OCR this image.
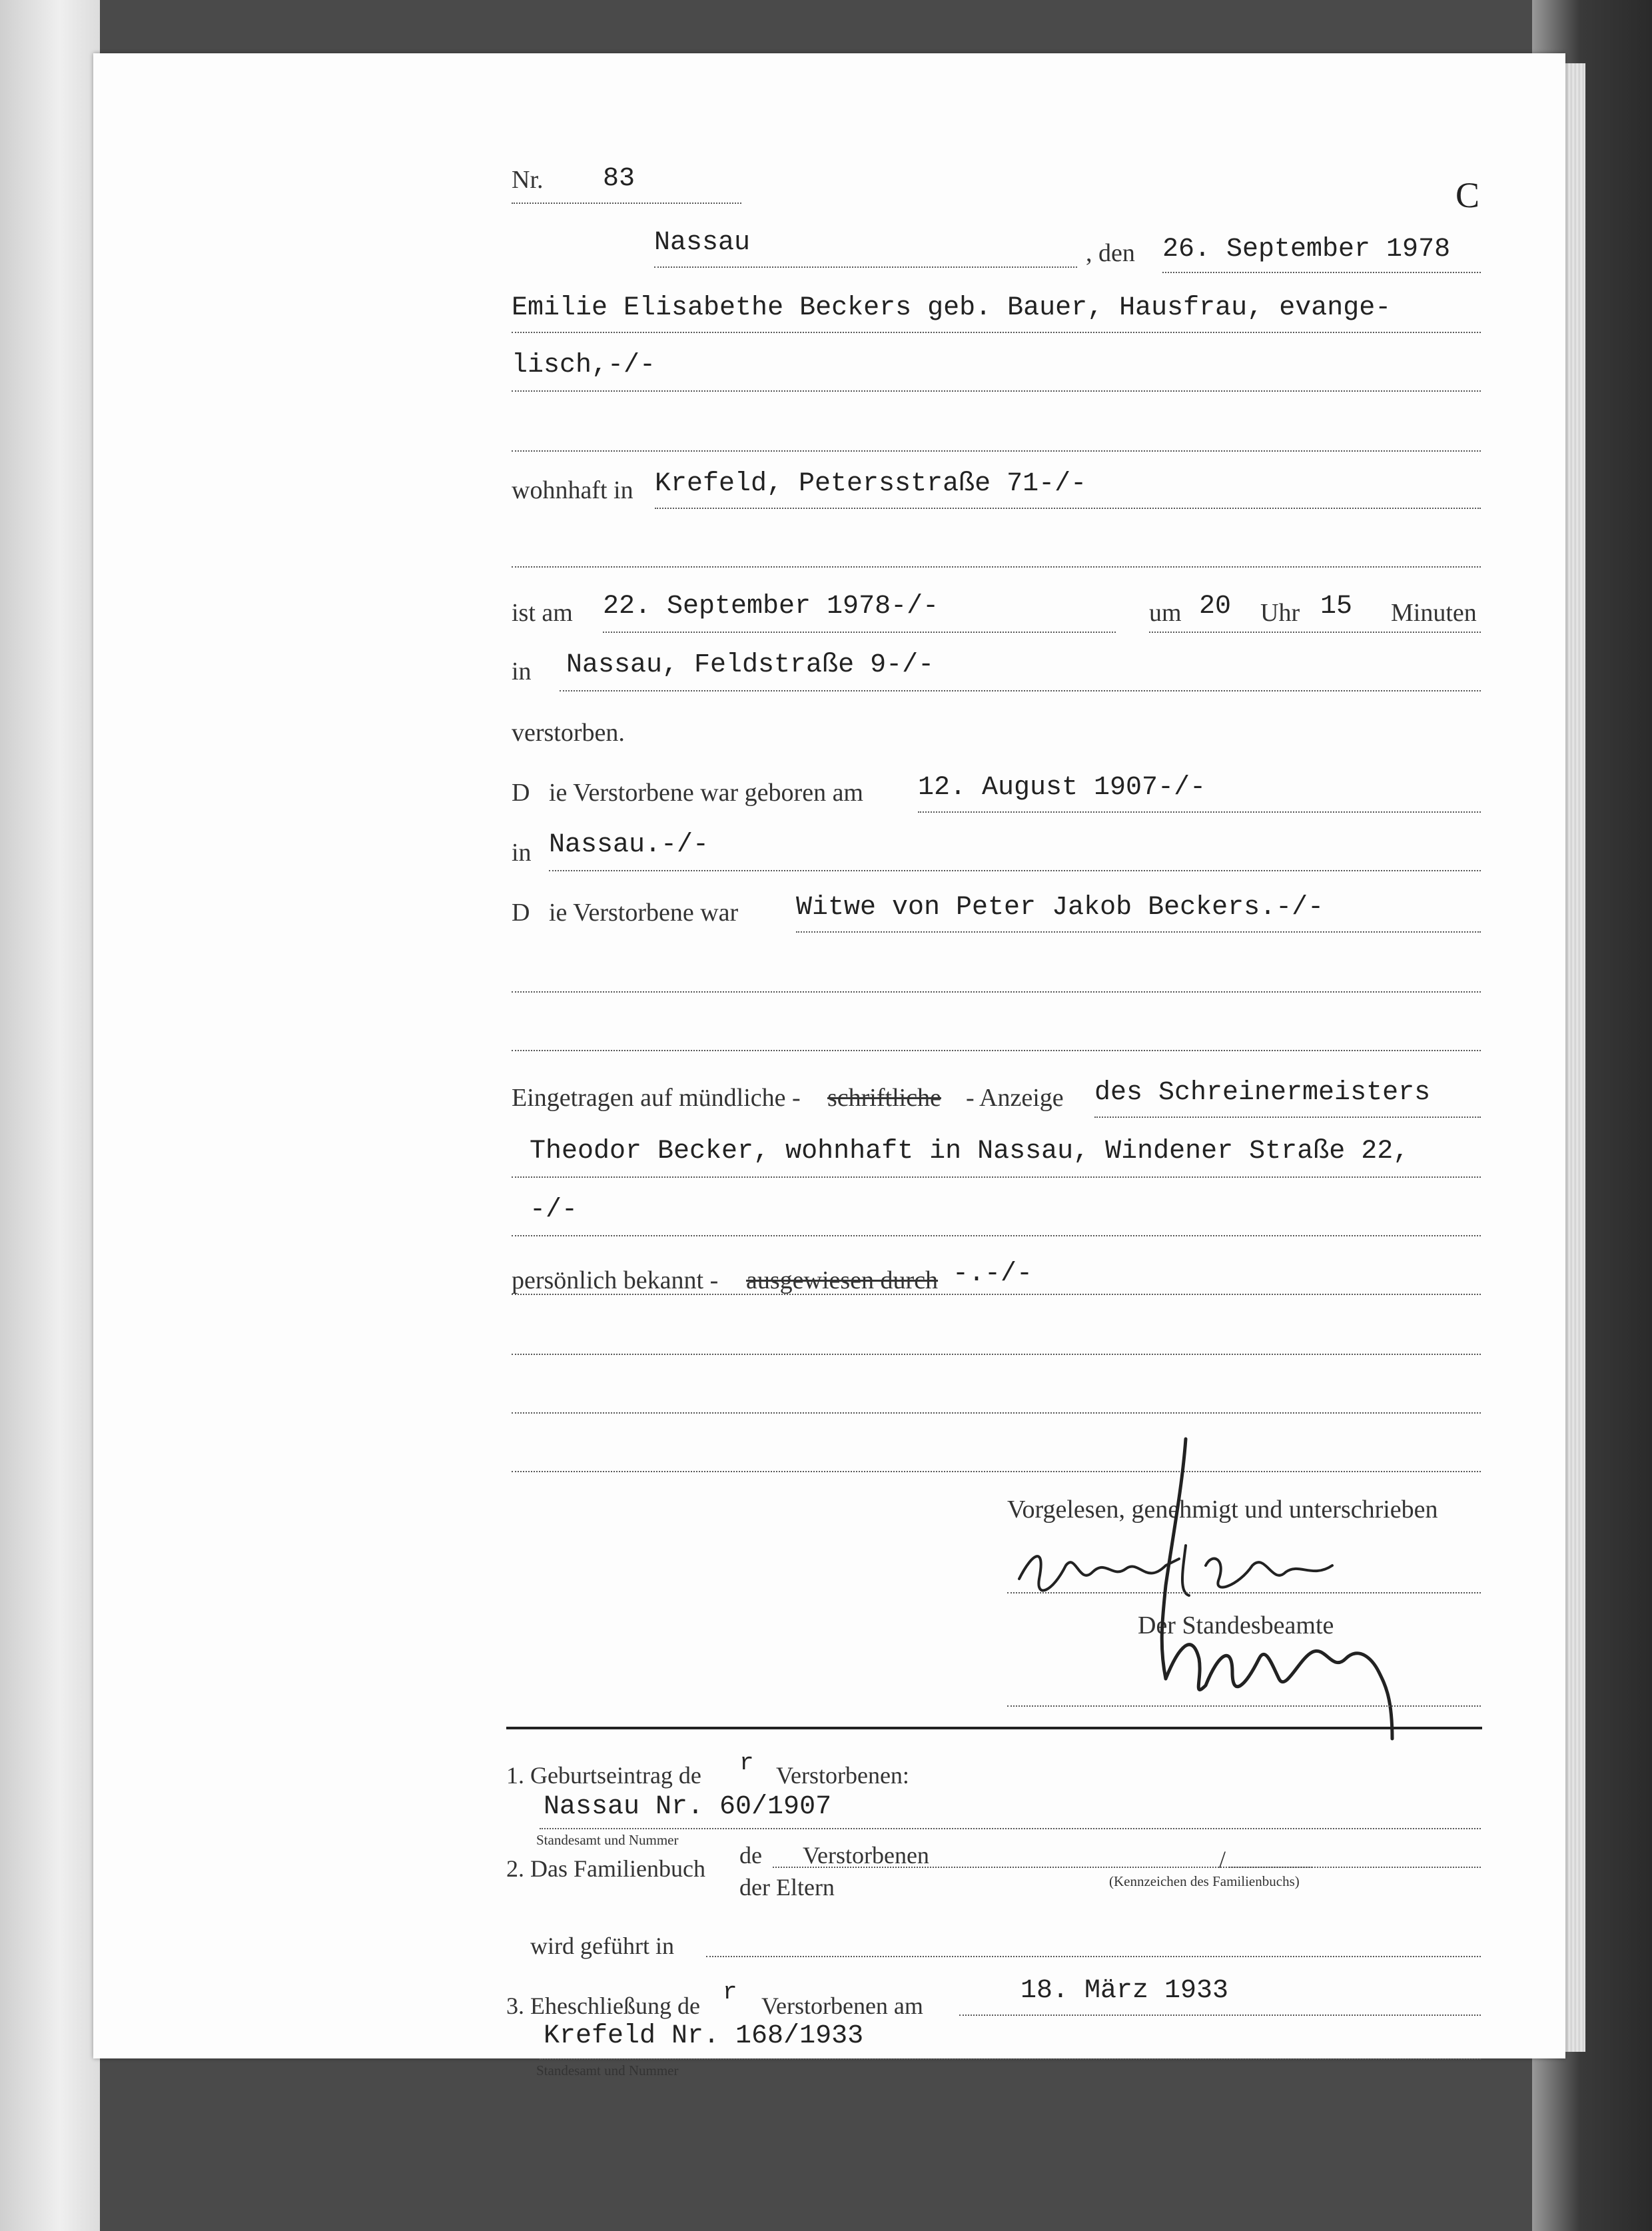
Nr. 83	C
Nassau	, den 26. September 1978
Emilie Elisabethe Beckers geb. Bauer, Hausfrau, evange-
lisch,-/-
wohnhaft in Krefeld, Petersstraße 71-/-
ist am 22. September 1978-/-	um 20 Uhr 15 Minuten
in Nassau, Feldstraße 9-/-
verstorben.
D ie Verstorbene war geboren am 12. August 1907-/-
in Nassau.-/-
D ie Verstorbene war Witwe von Peter Jakob Beckers.-/-
Eingetragen auf mündliche - schriftliche - Anzeige des Schreinermeisters
Theodor Becker, wohnhaft in Nassau, Windener Straße 22,
-/-
persönlich bekannt - ausgewiesen durch -.-/-
Vorgelesen, genehmigt und unterschrieben
Der Standesbeamte
1. Geburtseintrag de r Verstorbenen:
Nassau Nr. 60/1907
Standesamt und Nummer
2. Das Familienbuch de Verstorbenen	/
der Eltern	(Kennzeichen des Familienbuchs)
wird geführt in
3. Eheschließung de r Verstorbenen am	18. März 1933
Krefeld Nr. 168/1933
Standesamt und Nummer
